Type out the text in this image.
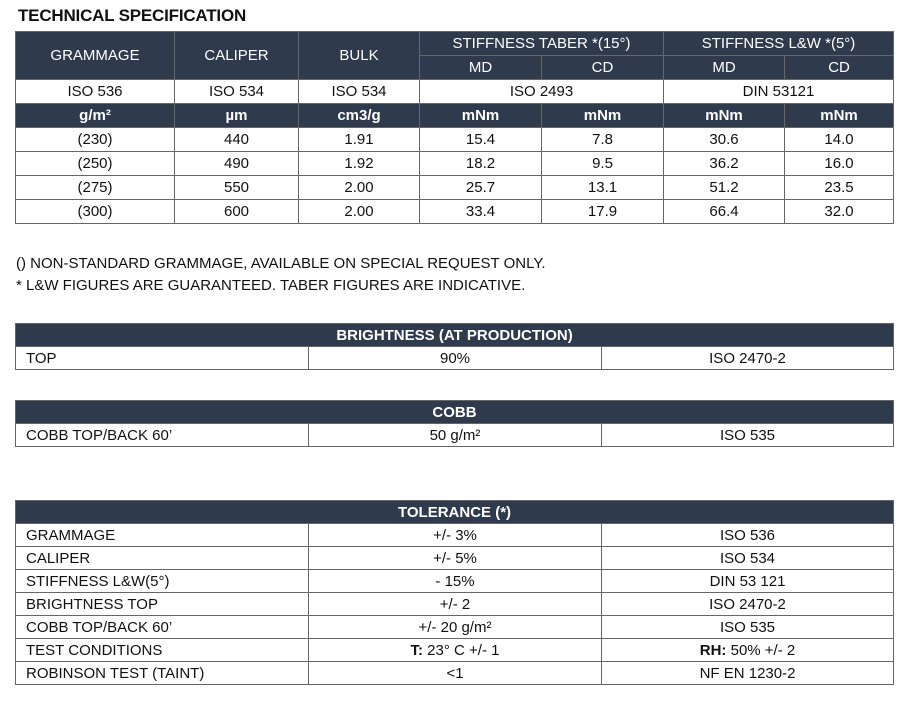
TECHNICAL SPECIFICATION
GRAMMAGE	CALIPER	BULK	STIFFNESS TABER *(15°)		STIFFNESS L&W *(5°)	
			MD	CD	MD	CD
ISO 536	ISO 534	ISO 534	ISO 2493		DIN 53121	
g/m²	µm	cm3/g	mNm	mNm	mNm	mNm
(230)	440	1.91	15.4	7.8	30.6	14.0
(250)	490	1.92	18.2	9.5	36.2	16.0
(275)	550	2.00	25.7	13.1	51.2	23.5
(300)	600	2.00	33.4	17.9	66.4	32.0
() NON-STANDARD GRAMMAGE, AVAILABLE ON SPECIAL REQUEST ONLY.
* L&W FIGURES ARE GUARANTEED. TABER FIGURES ARE INDICATIVE.
BRIGHTNESS (AT PRODUCTION)
TOP	90%	ISO 2470-2
COBB
COBB TOP/BACK 60’	50 g/m²	ISO 535
TOLERANCE (*)		
GRAMMAGE	+/- 3%	ISO 536
CALIPER	+/- 5%	ISO 534
STIFFNESS L&W(5°)	- 15%	DIN 53 121
BRIGHTNESS TOP	+/- 2	ISO 2470-2
COBB TOP/BACK 60’	+/- 20 g/m²	ISO 535
TEST CONDITIONS	T: 23° C +/- 1	RH: 50% +/- 2
ROBINSON TEST (TAINT)	<1	NF EN 1230-2
